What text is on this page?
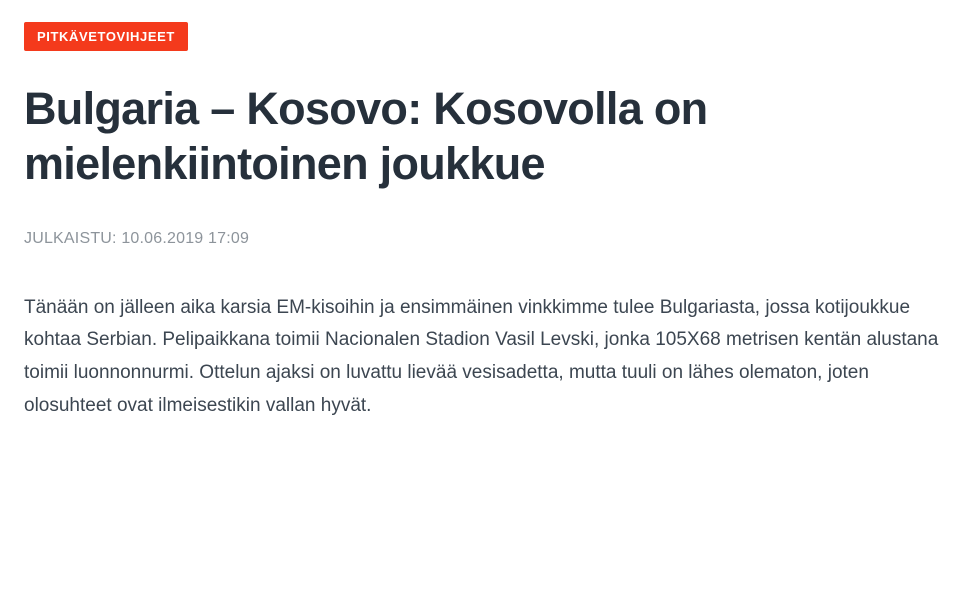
PITKÄVETOVIHJEET
Bulgaria – Kosovo: Kosovolla on mielenkiintoinen joukkue
JULKAISTU: 10.06.2019 17:09

Tänään on jälleen aika karsia EM-kisoihin ja ensimmäinen vinkkimme tulee Bulgariasta, jossa kotijoukkue kohtaa Serbian. Pelipaikkana toimii Nacionalen Stadion Vasil Levski, jonka 105X68 metrisen kentän alustana toimii luonnonnurmi. Ottelun ajaksi on luvattu lievää vesisadetta, mutta tuuli on lähes olematon, joten olosuhteet ovat ilmeisestikin vallan hyvät.
